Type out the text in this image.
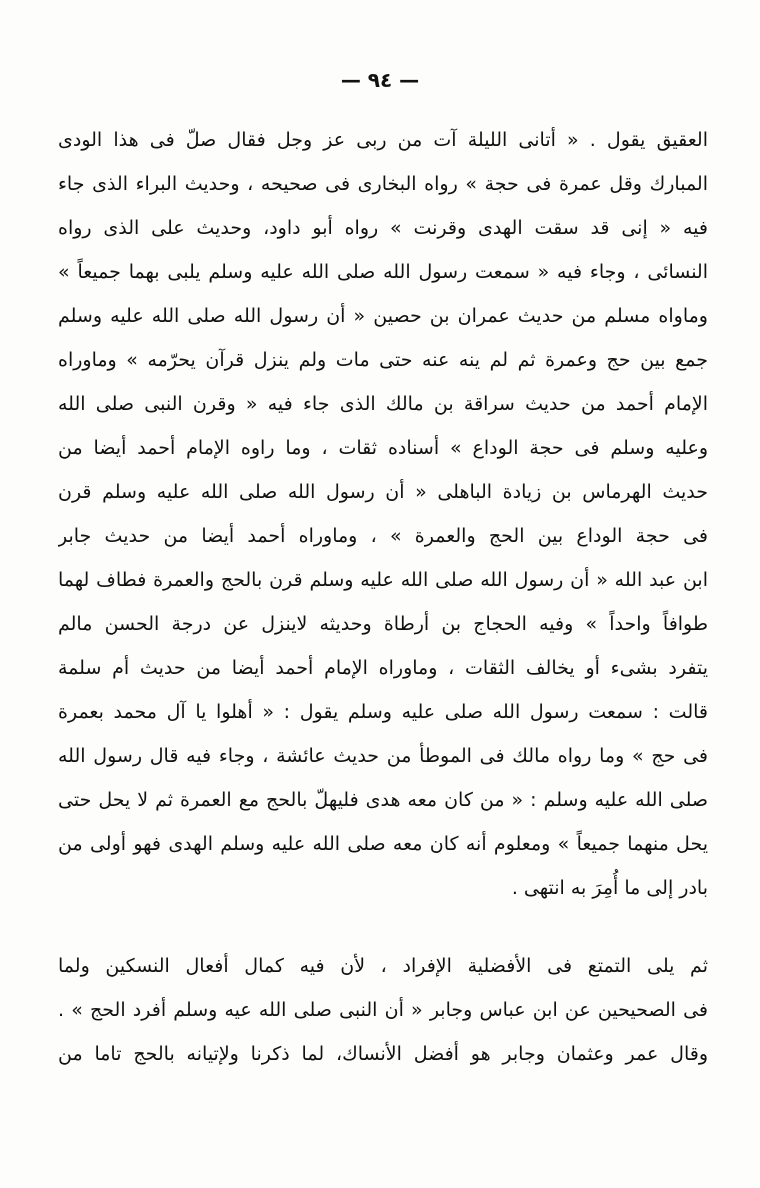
— ٩٤ —
العقيق يقول . « أتانى الليلة آت من ربى عز وجل فقال صلّ فى هذا الودى
المبارك وقل عمرة فى حجة » رواه البخارى فى صحيحه ، وحديث البراء الذى جاء
فيه « إنى قد سقت الهدى وقرنت » رواه أبو داود، وحديث على الذى رواه
النسائى ، وجاء فيه « سمعت رسول الله صلى الله عليه وسلم يلبى بهما جميعاً »
وماواه مسلم من حديث عمران بن حصين « أن رسول الله صلى الله عليه وسلم
جمع بين حج وعمرة ثم لم ينه عنه حتى مات ولم ينزل قرآن يحرّمه » وماوراه
الإمام أحمد من حديث سراقة بن مالك الذى جاء فيه « وقرن النبى صلى الله
وعليه وسلم فى حجة الوداع » أسناده ثقات ، وما راوه الإمام أحمد أيضا من
حديث الهرماس بن زيادة الباهلى « أن رسول الله صلى الله عليه وسلم قرن
فى حجة الوداع بين الحج والعمرة » ، وماوراه أحمد أيضا من حديث جابر
ابن عبد الله « أن رسول الله صلى الله عليه وسلم قرن بالحج والعمرة فطاف لهما
طوافاً واحداً » وفيه الحجاج بن أرطاة وحديثه لاينزل عن درجة الحسن مالم
يتفرد بشىء أو يخالف الثقات ، وماوراه الإمام أحمد أيضا من حديث أم سلمة
قالت : سمعت رسول الله صلى عليه وسلم يقول : « أهلوا يا آل محمد بعمرة
فى حج » وما رواه مالك فى الموطأ من حديث عائشة ، وجاء فيه قال رسول الله
صلى الله عليه وسلم : « من كان معه هدى فليهلّ بالحج مع العمرة ثم لا يحل حتى
يحل منهما جميعاً » ومعلوم أنه كان معه صلى الله عليه وسلم الهدى فهو أولى من
بادر إلى ما أُمِرَ به انتهى .
ثم يلى التمتع فى الأفضلية الإفراد ، لأن فيه كمال أفعال النسكين ولما
فى الصحيحين عن ابن عباس وجابر « أن النبى صلى الله عيه وسلم أفرد الحج » .
وقال عمر وعثمان وجابر هو أفضل الأنساك، لما ذكرنا ولإتيانه بالحج تاما من
